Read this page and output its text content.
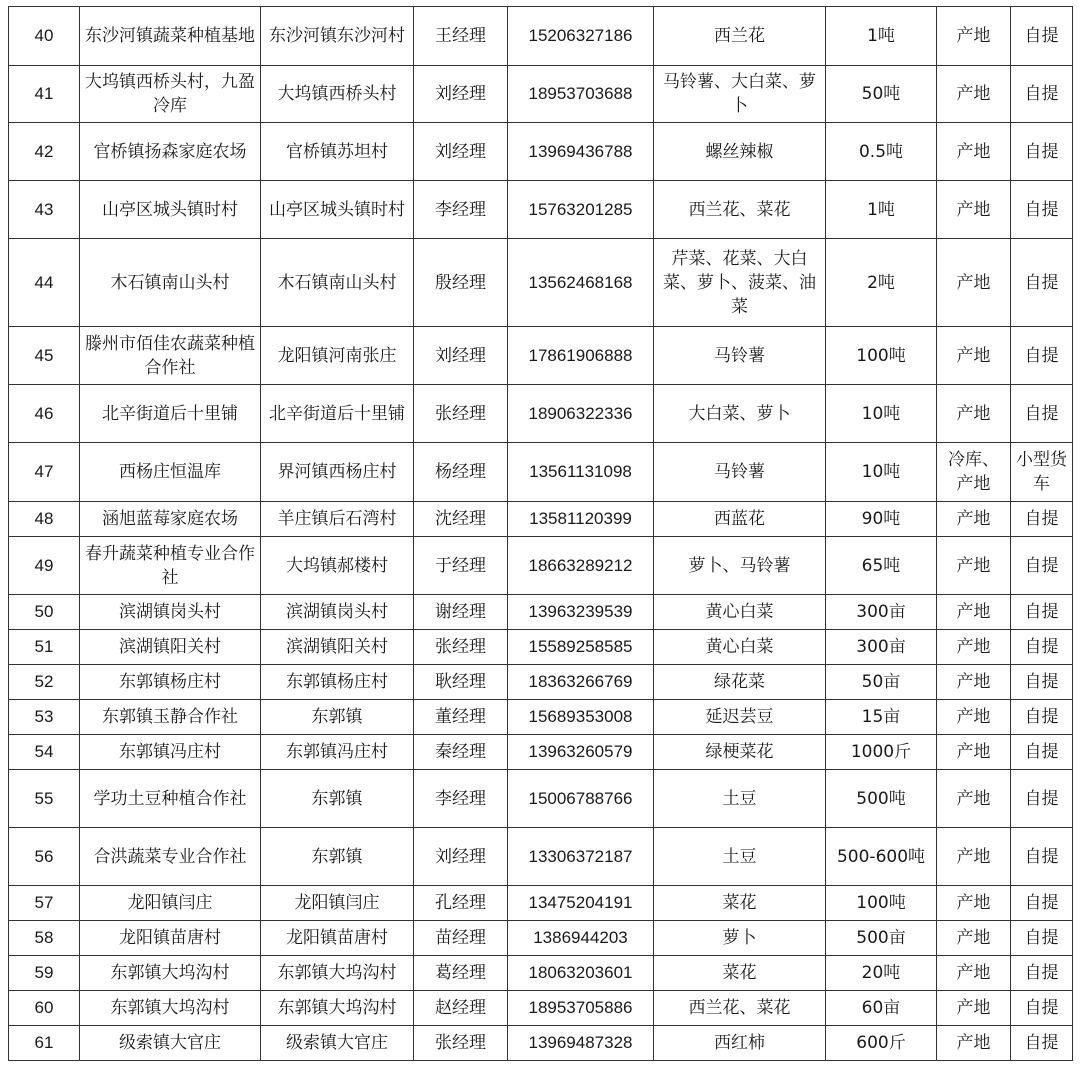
40	东沙河镇蔬菜种植基地	东沙河镇东沙河村	王经理	15206327186	西兰花	1吨	产地	自提
41	大坞镇西桥头村，九盈冷库	大坞镇西桥头村	刘经理	18953703688	马铃薯、大白菜、萝卜	50吨	产地	自提
42	官桥镇扬森家庭农场	官桥镇苏坦村	刘经理	13969436788	螺丝辣椒	0.5吨	产地	自提
43	山亭区城头镇时村	山亭区城头镇时村	李经理	15763201285	西兰花、菜花	1吨	产地	自提
44	木石镇南山头村	木石镇南山头村	殷经理	13562468168	芹菜、花菜、大白菜、萝卜、菠菜、油菜	2吨	产地	自提
45	滕州市佰佳农蔬菜种植合作社	龙阳镇河南张庄	刘经理	17861906888	马铃薯	100吨	产地	自提
46	北辛街道后十里铺	北辛街道后十里铺	张经理	18906322336	大白菜、萝卜	10吨	产地	自提
47	西杨庄恒温库	界河镇西杨庄村	杨经理	13561131098	马铃薯	10吨	冷库、产地	小型货车
48	涵旭蓝莓家庭农场	羊庄镇后石湾村	沈经理	13581120399	西蓝花	90吨	产地	自提
49	春升蔬菜种植专业合作社	大坞镇郝楼村	于经理	18663289212	萝卜、马铃薯	65吨	产地	自提
50	滨湖镇岗头村	滨湖镇岗头村	谢经理	13963239539	黄心白菜	300亩	产地	自提
51	滨湖镇阳关村	滨湖镇阳关村	张经理	15589258585	黄心白菜	300亩	产地	自提
52	东郭镇杨庄村	东郭镇杨庄村	耿经理	18363266769	绿花菜	50亩	产地	自提
53	东郭镇玉静合作社	东郭镇	董经理	15689353008	延迟芸豆	15亩	产地	自提
54	东郭镇冯庄村	东郭镇冯庄村	秦经理	13963260579	绿梗菜花	1000斤	产地	自提
55	学功土豆种植合作社	东郭镇	李经理	15006788766	土豆	500吨	产地	自提
56	合洪蔬菜专业合作社	东郭镇	刘经理	13306372187	土豆	500-600吨	产地	自提
57	龙阳镇闫庄	龙阳镇闫庄	孔经理	13475204191	菜花	100吨	产地	自提
58	龙阳镇苗唐村	龙阳镇苗唐村	苗经理	1386944203	萝卜	500亩	产地	自提
59	东郭镇大坞沟村	东郭镇大坞沟村	葛经理	18063203601	菜花	20吨	产地	自提
60	东郭镇大坞沟村	东郭镇大坞沟村	赵经理	18953705886	西兰花、菜花	60亩	产地	自提
61	级索镇大官庄	级索镇大官庄	张经理	13969487328	西红柿	600斤	产地	自提
